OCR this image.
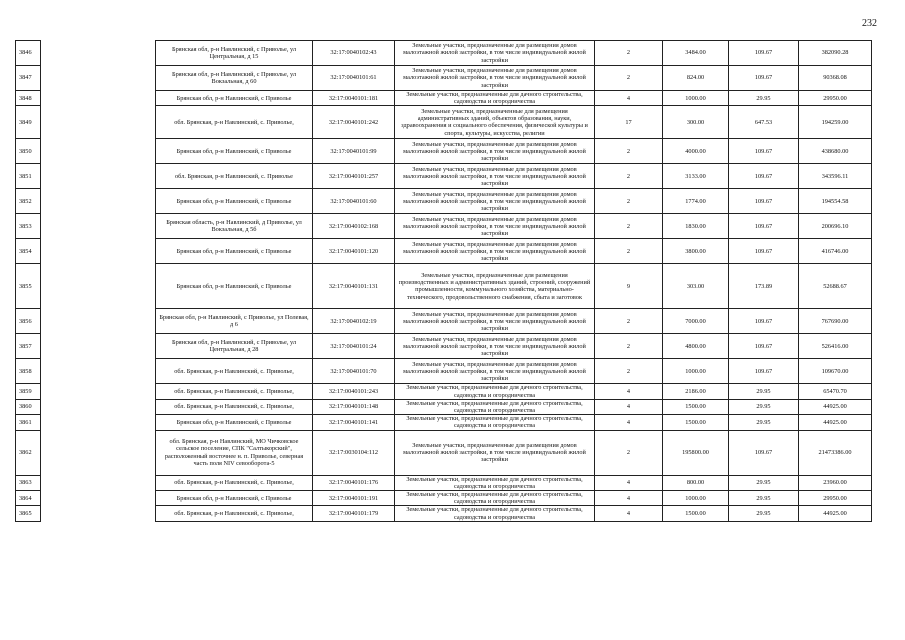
232
3846		Брянская обл, р-н Навлинский, с Приволье, ул Центральная, д 15	32:17:0040102:43	Земельные участки, предназначенные для размещения домов малоэтажной жилой застройки, в том числе индивидуальной жилой застройки	2	3484.00	109.67	382090.28
3847		Брянская обл, р-н Навлинский, с Приволье, ул Вокзальная, д 60	32:17:0040101:61	Земельные участки, предназначенные для размещения домов малоэтажной жилой застройки, в том числе индивидуальной жилой застройки	2	824.00	109.67	90368.08
3848		Брянская обл, р-н Навлинский, с Приволье	32:17:0040101:181	Земельные участки, предназначенные для дачного строительства, садоводства и огородничества	4	1000.00	29.95	29950.00
3849		обл. Брянская, р-н Навлинский, с. Приволье,	32:17:0040101:242	Земельные участки, предназначенные для размещения административных зданий, объектов образования, науки, здравоохранения и социального обеспечения, физической культуры и спорта, культуры, искусства, религии	17	300.00	647.53	194259.00
3850		Брянская обл, р-н Навлинский, с Приволье	32:17:0040101:99	Земельные участки, предназначенные для размещения домов малоэтажной жилой застройки, в том числе индивидуальной жилой застройки	2	4000.00	109.67	438680.00
3851		обл. Брянская, р-н Навлинский, с. Приволье	32:17:0040101:257	Земельные участки, предназначенные для размещения домов малоэтажной жилой застройки, в том числе индивидуальной жилой застройки	2	3133.00	109.67	343596.11
3852		Брянская обл, р-н Навлинский, с Приволье	32:17:0040101:60	Земельные участки, предназначенные для размещения домов малоэтажной жилой застройки, в том числе индивидуальной жилой застройки	2	1774.00	109.67	194554.58
3853		Брянская область, р-н Навлинский, д Приволье, ул Вокзальная, д 5б	32:17:0040102:168	Земельные участки, предназначенные для размещения домов малоэтажной жилой застройки, в том числе индивидуальной жилой застройки	2	1830.00	109.67	200696.10
3854		Брянская обл, р-н Навлинский, с Приволье	32:17:0040101:120	Земельные участки, предназначенные для размещения домов малоэтажной жилой застройки, в том числе индивидуальной жилой застройки	2	3800.00	109.67	416746.00
3855		Брянская обл, р-н Навлинский, с Приволье	32:17:0040101:131	Земельные участки, предназначенные для размещения производственных и административных зданий, строений, сооружений промышленности, коммунального хозяйства, материально-технического, продовольственного снабжения, сбыта и заготовок	9	303.00	173.89	52688.67
3856		Брянская обл, р-н Навлинский, с Приволье, ул Полевая, д 6	32:17:0040102:19	Земельные участки, предназначенные для размещения домов малоэтажной жилой застройки, в том числе индивидуальной жилой застройки	2	7000.00	109.67	767690.00
3857		Брянская обл, р-н Навлинский, с Приволье, ул Центральная, д 28	32:17:0040101:24	Земельные участки, предназначенные для размещения домов малоэтажной жилой застройки, в том числе индивидуальной жилой застройки	2	4800.00	109.67	526416.00
3858		обл. Брянская, р-н Навлинский, с. Приволье,	32:17:0040101:70	Земельные участки, предназначенные для размещения домов малоэтажной жилой застройки, в том числе индивидуальной жилой застройки	2	1000.00	109.67	109670.00
3859		обл. Брянская, р-н Навлинский, с. Приволье,	32:17:0040101:243	Земельные участки, предназначенные для дачного строительства, садоводства и огородничества	4	2186.00	29.95	65470.70
3860		обл. Брянская, р-н Навлинский, с. Приволье,	32:17:0040101:148	Земельные участки, предназначенные для дачного строительства, садоводства и огородничества	4	1500.00	29.95	44925.00
3861		Брянская обл, р-н Навлинский, с Приволье	32:17:0040101:141	Земельные участки, предназначенные для дачного строительства, садоводства и огородничества	4	1500.00	29.95	44925.00
3862		обл. Брянская, р-н Навлинский, МО Чичковское сельское поселение, СПК "Салтыкорский", расположенный восточнее н. п. Приволье, северная часть поля NIV севооборота-5	32:17:0030104:112	Земельные участки, предназначенные для размещения домов малоэтажной жилой застройки, в том числе индивидуальной жилой застройки	2	195800.00	109.67	21473386.00
3863		обл. Брянская, р-н Навлинский, с. Приволье,	32:17:0040101:176	Земельные участки, предназначенные для дачного строительства, садоводства и огородничества	4	800.00	29.95	23960.00
3864		Брянская обл, р-н Навлинский, с Приволье	32:17:0040101:191	Земельные участки, предназначенные для дачного строительства, садоводства и огородничества	4	1000.00	29.95	29950.00
3865		обл. Брянская, р-н Навлинский, с. Приволье,	32:17:0040101:179	Земельные участки, предназначенные для дачного строительства, садоводства и огородничества	4	1500.00	29.95	44925.00
